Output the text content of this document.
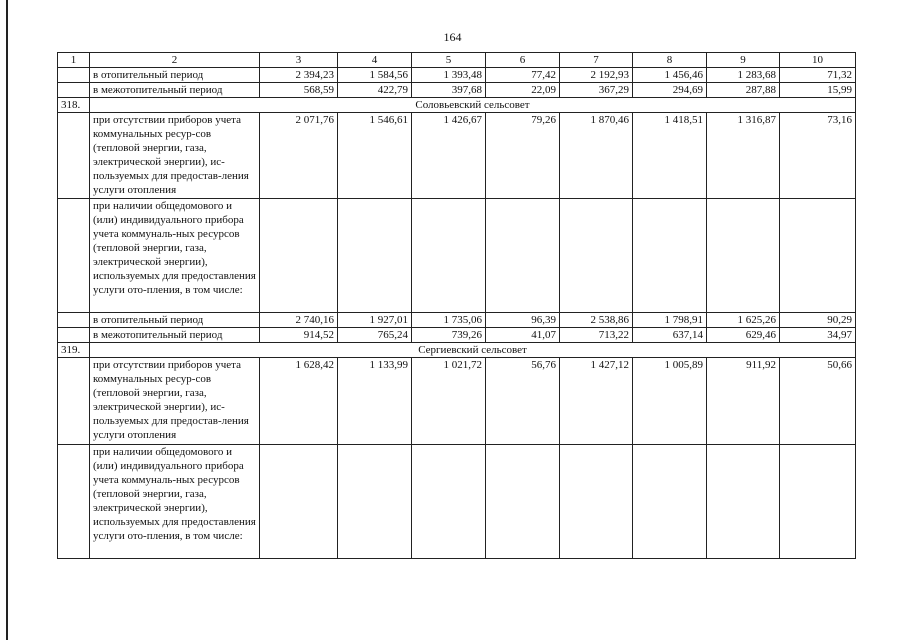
164
1	2	3	4	5	6	7	8	9	10
	в отопительный период	2 394,23	1 584,56	1 393,48	77,42	2 192,93	1 456,46	1 283,68	71,32
	в межотопительный период	568,59	422,79	397,68	22,09	367,29	294,69	287,88	15,99
318.	Соловьевский сельсовет								
	при отсутствии приборов учета коммунальных ресур-сов (тепловой энергии, газа, электрической энергии), ис-пользуемых для предостав-ления услуги отопления	2 071,76	1 546,61	1 426,67	79,26	1 870,46	1 418,51	1 316,87	73,16
	при наличии общедомового и (или) индивидуального прибора учета коммуналь-ных ресурсов (тепловой энергии, газа, электрической энергии), используемых для предоставления услуги ото-пления, в том числе:								
	в отопительный период	2 740,16	1 927,01	1 735,06	96,39	2 538,86	1 798,91	1 625,26	90,29
	в межотопительный период	914,52	765,24	739,26	41,07	713,22	637,14	629,46	34,97
319.	Сергиевский сельсовет								
	при отсутствии приборов учета коммунальных ресур-сов (тепловой энергии, газа, электрической энергии), ис-пользуемых для предостав-ления услуги отопления	1 628,42	1 133,99	1 021,72	56,76	1 427,12	1 005,89	911,92	50,66
	при наличии общедомового и (или) индивидуального прибора учета коммуналь-ных ресурсов (тепловой энергии, газа, электрической энергии), используемых для предоставления услуги ото-пления, в том числе:								
